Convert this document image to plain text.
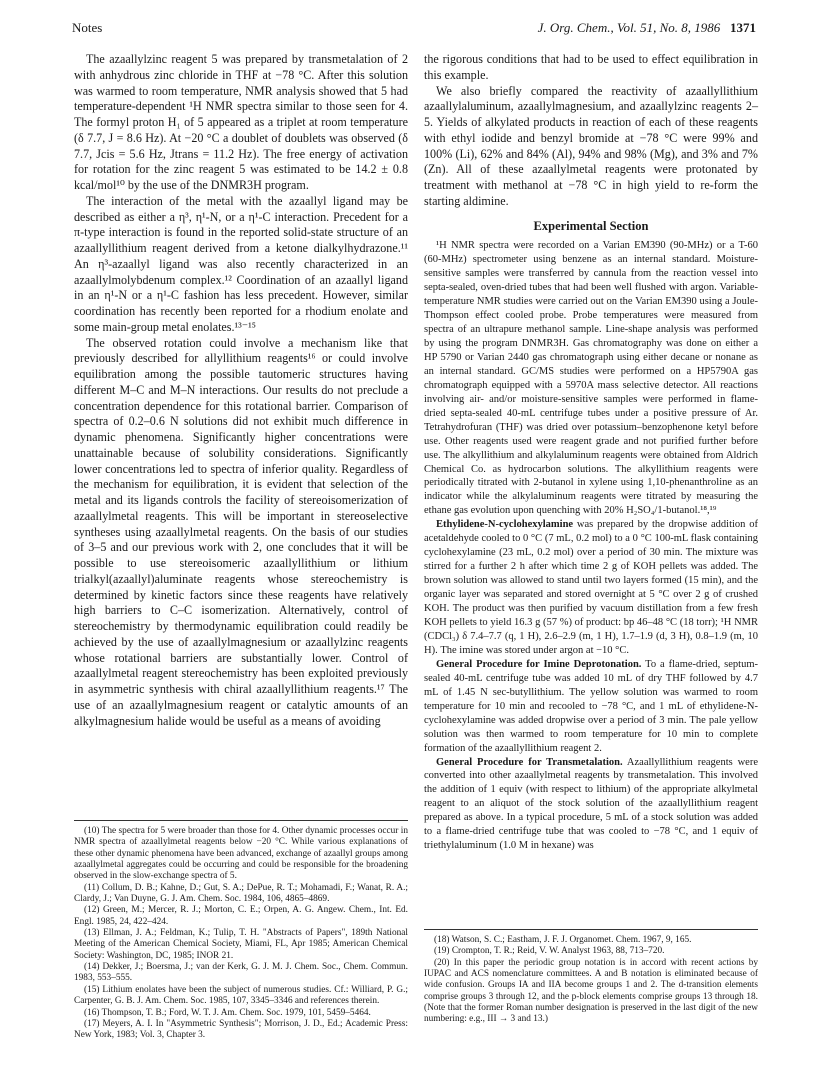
Notes	J. Org. Chem., Vol. 51, No. 8, 1986 1371

The azaallylzinc reagent 5 was prepared by transmetalation of 2 with anhydrous zinc chloride in THF at −78 °C. After this solution was warmed to room temperature, NMR analysis showed that 5 had temperature-dependent ¹H NMR spectra similar to those seen for 4. The formyl proton H₁ of 5 appeared as a triplet at room temperature (δ 7.7, J = 8.6 Hz). At −20 °C a doublet of doublets was observed (δ 7.7, Jcis = 5.6 Hz, Jtrans = 11.2 Hz). The free energy of activation for rotation for the zinc reagent 5 was estimated to be 14.2 ± 0.8 kcal/mol¹⁰ by the use of the DNMR3H program.

The interaction of the metal with the azaallyl ligand may be described as either a η³, η¹-N, or a η¹-C interaction. Precedent for a π-type interaction is found in the reported solid-state structure of an azaallyllithium reagent derived from a ketone dialkylhydrazone.¹¹ An η³-azaallyl ligand was also recently characterized in an azaallylmolybdenum complex.¹² Coordination of an azaallyl ligand in an η¹-N or a η¹-C fashion has less precedent. However, similar coordination has recently been reported for a rhodium enolate and some main-group metal enolates.¹³⁻¹⁵

The observed rotation could involve a mechanism like that previously described for allyllithium reagents¹⁶ or could involve equilibration among the possible tautomeric structures having different M–C and M–N interactions. Our results do not preclude a concentration dependence for this rotational barrier. Comparison of spectra of 0.2–0.6 N solutions did not exhibit much difference in dynamic phenomena. Significantly higher concentrations were unattainable because of solubility considerations. Significantly lower concentrations led to spectra of inferior quality. Regardless of the mechanism for equilibration, it is evident that selection of the metal and its ligands controls the facility of stereoisomerization of azaallylmetal reagents. This will be important in stereoselective syntheses using azaallylmetal reagents. On the basis of our studies of 3–5 and our previous work with 2, one concludes that it will be possible to use stereoisomeric azaallyllithium or lithium trialkyl(azaallyl)aluminate reagents whose stereochemistry is determined by kinetic factors since these reagents have relatively high barriers to C–C isomerization. Alternatively, control of stereochemistry by thermodynamic equilibration could readily be achieved by the use of azaallylmagnesium or azaallylzinc reagents whose rotational barriers are substantially lower. Control of azaallylmetal reagent stereochemistry has been exploited previously in asymmetric synthesis with chiral azaallyllithium reagents.¹⁷ The use of an azaallylmagnesium reagent or catalytic amounts of an alkylmagnesium halide would be useful as a means of avoiding

the rigorous conditions that had to be used to effect equilibration in this example.

We also briefly compared the reactivity of azaallyllithium azaallylaluminum, azaallylmagnesium, and azaallylzinc reagents 2–5. Yields of alkylated products in reaction of each of these reagents with ethyl iodide and benzyl bromide at −78 °C were 99% and 100% (Li), 62% and 84% (Al), 94% and 98% (Mg), and 3% and 7% (Zn). All of these azaallylmetal reagents were protonated by treatment with methanol at −78 °C in high yield to re-form the starting aldimine.

Experimental Section

¹H NMR spectra were recorded on a Varian EM390 (90-MHz) or a T-60 (60-MHz) spectrometer using benzene as an internal standard. Moisture-sensitive samples were transferred by cannula from the reaction vessel into septa-sealed, oven-dried tubes that had been well flushed with argon. Variable-temperature NMR studies were carried out on the Varian EM390 using a Joule-Thompson effect cooled probe. Probe temperatures were measured from spectra of an ultrapure methanol sample. Line-shape analysis was performed by using the program DNMR3H. Gas chromatography was done on either a HP 5790 or Varian 2440 gas chromatograph using either decane or nonane as an internal standard. GC/MS studies were performed on a HP5790A gas chromatograph equipped with a 5970A mass selective detector. All reactions involving air- and/or moisture-sensitive samples were performed in flame-dried septa-sealed 40-mL centrifuge tubes under a positive pressure of Ar. Tetrahydrofuran (THF) was dried over potassium–benzophenone ketyl before use. Other reagents used were reagent grade and not purified further before use. The alkyllithium and alkylaluminum reagents were obtained from Aldrich Chemical Co. as hydrocarbon solutions. The alkyllithium reagents were periodically titrated with 2-butanol in xylene using 1,10-phenanthroline as an indicator while the alkylaluminum reagents were titrated by measuring the ethane gas evolution upon quenching with 20% H₂SO₄/1-butanol.¹⁸,¹⁹

Ethylidene-N-cyclohexylamine was prepared by the dropwise addition of acetaldehyde cooled to 0 °C (7 mL, 0.2 mol) to a 0 °C 100-mL flask containing cyclohexylamine (23 mL, 0.2 mol) over a period of 30 min. The mixture was stirred for a further 2 h after which time 2 g of KOH pellets was added. The brown solution was allowed to stand until two layers formed (15 min), and the organic layer was separated and stored overnight at 5 °C over 2 g of crushed KOH. The product was then purified by vacuum distillation from a few fresh KOH pellets to yield 16.3 g (57 %) of product: bp 46–48 °C (18 torr); ¹H NMR (CDCl₃) δ 7.4–7.7 (q, 1 H), 2.6–2.9 (m, 1 H), 1.7–1.9 (d, 3 H), 0.8–1.9 (m, 10 H). The imine was stored under argon at −10 °C.

General Procedure for Imine Deprotonation. To a flame-dried, septum-sealed 40-mL centrifuge tube was added 10 mL of dry THF followed by 4.7 mL of 1.45 N sec-butyllithium. The yellow solution was warmed to room temperature for 10 min and recooled to −78 °C, and 1 mL of ethylidene-N-cyclohexylamine was added dropwise over a period of 3 min. The pale yellow solution was then warmed to room temperature for 10 min to complete formation of the azaallyllithium reagent 2.

General Procedure for Transmetalation. Azaallyllithium reagents were converted into other azaallylmetal reagents by transmetalation. This involved the addition of 1 equiv (with respect to lithium) of the appropriate alkylmetal reagent to an aliquot of the stock solution of the azaallyllithium reagent prepared as above. In a typical procedure, 5 mL of a stock solution was added to a flame-dried centrifuge tube that was cooled to −78 °C, and 1 equiv of triethylaluminum (1.0 M in hexane) was

(10) The spectra for 5 were broader than those for 4. Other dynamic processes occur in NMR spectra of azaallylmetal reagents below −20 °C. While various explanations of these other dynamic phenomena have been advanced, exchange of azaallyl groups among azaallylmetal aggregates could be occurring and could be responsible for the broadening observed in the slow-exchange spectra of 5.

(11) Collum, D. B.; Kahne, D.; Gut, S. A.; DePue, R. T.; Mohamadi, F.; Wanat, R. A.; Clardy, J.; Van Duyne, G. J. Am. Chem. Soc. 1984, 106, 4865–4869.

(12) Green, M.; Mercer, R. J.; Morton, C. E.; Orpen, A. G. Angew. Chem., Int. Ed. Engl. 1985, 24, 422–424.

(13) Ellman, J. A.; Feldman, K.; Tulip, T. H. "Abstracts of Papers", 189th National Meeting of the American Chemical Society, Miami, FL, Apr 1985; American Chemical Society: Washington, DC, 1985; INOR 21.

(14) Dekker, J.; Boersma, J.; van der Kerk, G. J. M. J. Chem. Soc., Chem. Commun. 1983, 553–555.

(15) Lithium enolates have been the subject of numerous studies. Cf.: Williard, P. G.; Carpenter, G. B. J. Am. Chem. Soc. 1985, 107, 3345–3346 and references therein.

(16) Thompson, T. B.; Ford, W. T. J. Am. Chem. Soc. 1979, 101, 5459–5464.

(17) Meyers, A. I. In "Asymmetric Synthesis"; Morrison, J. D., Ed.; Academic Press: New York, 1983; Vol. 3, Chapter 3.

(18) Watson, S. C.; Eastham, J. F. J. Organomet. Chem. 1967, 9, 165.

(19) Crompton, T. R.; Reid, V. W. Analyst 1963, 88, 713–720.

(20) In this paper the periodic group notation is in accord with recent actions by IUPAC and ACS nomenclature committees. A and B notation is eliminated because of wide confusion. Groups IA and IIA become groups 1 and 2. The d-transition elements comprise groups 3 through 12, and the p-block elements comprise groups 13 through 18. (Note that the former Roman number designation is preserved in the last digit of the new numbering: e.g., III → 3 and 13.)
